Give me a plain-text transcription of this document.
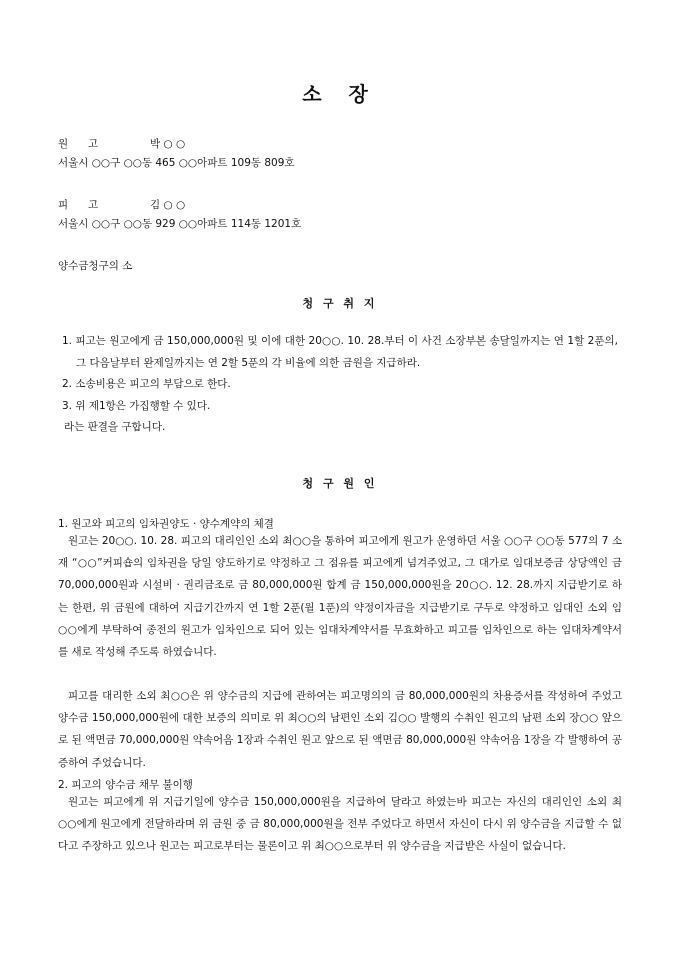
소 장
원 고	박 ○ ○
서울시 ○○구 ○○동 465 ○○아파트 109동 809호
피 고	김 ○ ○
서울시 ○○구 ○○동 929 ○○아파트 114동 1201호
양수금청구의 소
청 구 취 지
1. 피고는 원고에게 금 150,000,000원 및 이에 대한 20○○. 10. 28.부터 이 사건 소장부본 송달일까지는 연 1할 2푼의, 그 다음날부터 완제일까지는 연 2할 5푼의 각 비율에 의한 금원을 지급하라.
2. 소송비용은 피고의 부담으로 한다.
3. 위 제1항은 가집행할 수 있다.
라는 판결을 구합니다.
청 구 원 인
1. 원고와 피고의 임차권양도 · 양수계약의 체결
원고는 20○○. 10. 28. 피고의 대리인인 소외 최○○을 통하여 피고에게 원고가 운영하던 서울 ○○구 ○○동 577의 7 소재 “○○”커피숍의 임차권을 당일 양도하기로 약정하고 그 점유를 피고에게 넘겨주었고, 그 대가로 임대보증금 상당액인 금 70,000,000원과 시설비 · 권리금조로 금 80,000,000원 합계 금 150,000,000원을 20○○. 12. 28.까지 지급받기로 하는 한편, 위 금원에 대하여 지급기간까지 연 1할 2푼(월 1푼)의 약정이자금을 지급받기로 구두로 약정하고 임대인 소외 임○○에게 부탁하여 종전의 원고가 임차인으로 되어 있는 임대차계약서를 무효화하고 피고를 임차인으로 하는 임대차계약서를 새로 작성해 주도록 하였습니다.
피고를 대리한 소외 최○○은 위 양수금의 지급에 관하여는 피고명의의 금 80,000,000원의 차용증서를 작성하여 주었고 양수금 150,000,000원에 대한 보증의 의미로 위 최○○의 남편인 소외 김○○ 발행의 수취인 원고의 남편 소외 장○○ 앞으로 된 액면금 70,000,000원 약속어음 1장과 수취인 원고 앞으로 된 액면금 80,000,000원 약속어음 1장을 각 발행하여 공증하여 주었습니다.
2. 피고의 양수금 채무 불이행
원고는 피고에게 위 지급기일에 양수금 150,000,000원을 지급하여 달라고 하였는바 피고는 자신의 대리인인 소외 최○○에게 원고에게 전달하라며 위 금원 중 금 80,000,000원을 전부 주었다고 하면서 자신이 다시 위 양수금을 지급할 수 없다고 주장하고 있으나 원고는 피고로부터는 물론이고 위 최○○으로부터 위 양수금을 지급받은 사실이 없습니다.
